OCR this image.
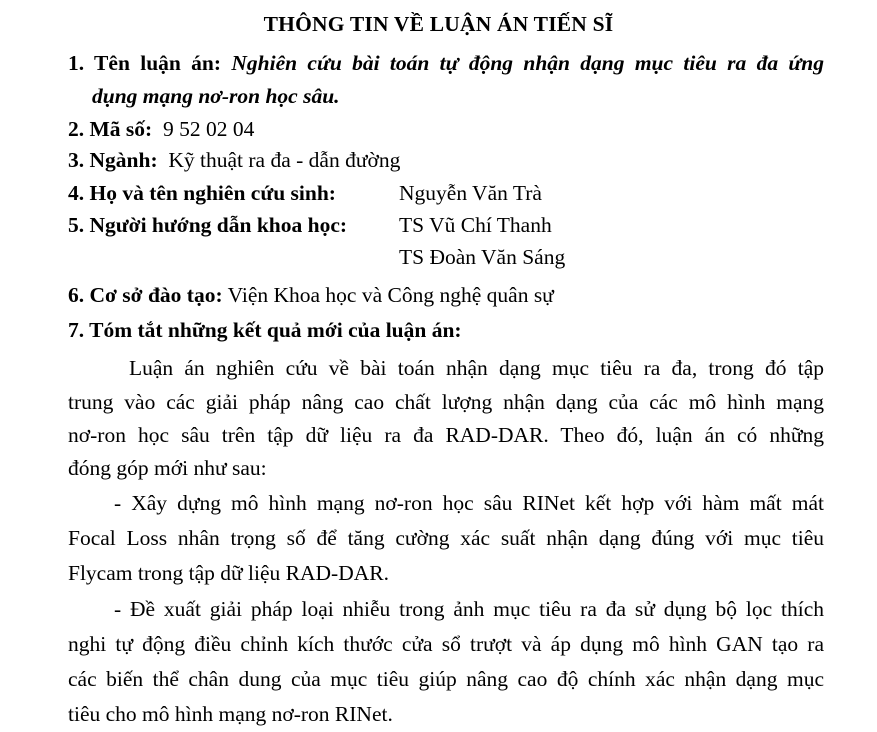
THÔNG TIN VỀ LUẬN ÁN TIẾN SĨ
1. Tên luận án: Nghiên cứu bài toán tự động nhận dạng mục tiêu ra đa ứng
dụng mạng nơ-ron học sâu.
2. Mã số: 9 52 02 04
3. Ngành: Kỹ thuật ra đa - dẫn đường
4. Họ và tên nghiên cứu sinh:	Nguyễn Văn Trà
5. Người hướng dẫn khoa học: TS Vũ Chí Thanh
TS Đoàn Văn Sáng
6. Cơ sở đào tạo: Viện Khoa học và Công nghệ quân sự
7. Tóm tắt những kết quả mới của luận án:
Luận án nghiên cứu về bài toán nhận dạng mục tiêu ra đa, trong đó tập
trung vào các giải pháp nâng cao chất lượng nhận dạng của các mô hình mạng
nơ-ron học sâu trên tập dữ liệu ra đa RAD-DAR. Theo đó, luận án có những
đóng góp mới như sau:
- Xây dựng mô hình mạng nơ-ron học sâu RINet kết hợp với hàm mất mát
Focal Loss nhân trọng số để tăng cường xác suất nhận dạng đúng với mục tiêu
Flycam trong tập dữ liệu RAD-DAR.
- Đề xuất giải pháp loại nhiễu trong ảnh mục tiêu ra đa sử dụng bộ lọc thích
nghi tự động điều chỉnh kích thước cửa sổ trượt và áp dụng mô hình GAN tạo ra
các biến thể chân dung của mục tiêu giúp nâng cao độ chính xác nhận dạng mục
tiêu cho mô hình mạng nơ-ron RINet.
